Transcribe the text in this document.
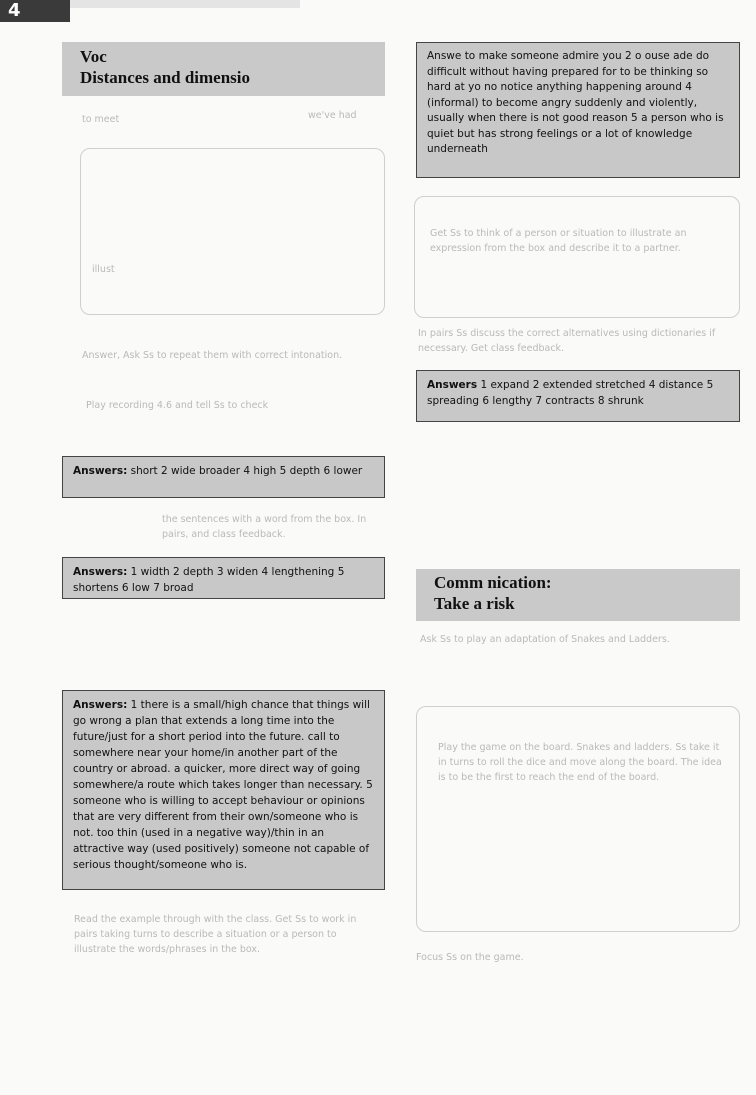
4
Voc
Distances and dimensio
to meet	we've had
illust
Answer, Ask Ss to repeat them with correct intonation.
Play recording 4.6 and tell Ss to check
Answers: short 2 wide broader 4 high 5 depth 6 lower
the sentences with a word from the box. In pairs, and class feedback.
Answers: 1 width 2 depth 3 widen 4 lengthening 5 shortens 6 low 7 broad
Answers: 1 there is a small/high chance that things will go wrong a plan that extends a long time into the future/just for a short period into the future. call to somewhere near your home/in another part of the country or abroad. a quicker, more direct way of going somewhere/a route which takes longer than necessary. 5 someone who is willing to accept behaviour or opinions that are very different from their own/someone who is not. too thin (used in a negative way)/thin in an attractive way (used positively) someone not capable of serious thought/someone who is.
Read the example through with the class. Get Ss to work in pairs taking turns to describe a situation or a person to illustrate the words/phrases in the box.
Answe to make someone admire you 2 o ouse ade do difficult without having prepared for to be thinking so hard at yo no notice anything happening around 4 (informal) to become angry suddenly and violently, usually when there is not good reason 5 a person who is quiet but has strong feelings or a lot of knowledge underneath
Get Ss to think of a person or situation to illustrate an expression from the box and describe it to a partner.
In pairs Ss discuss the correct alternatives using dictionaries if necessary. Get class feedback.
Answers 1 expand 2 extended stretched 4 distance 5 spreading 6 lengthy 7 contracts 8 shrunk
Comm nication:
Take a risk
Ask Ss to play an adaptation of Snakes and Ladders.
Play the game on the board. Snakes and ladders. Ss take it in turns to roll the dice and move along the board. The idea is to be the first to reach the end of the board.
Focus Ss on the game.
